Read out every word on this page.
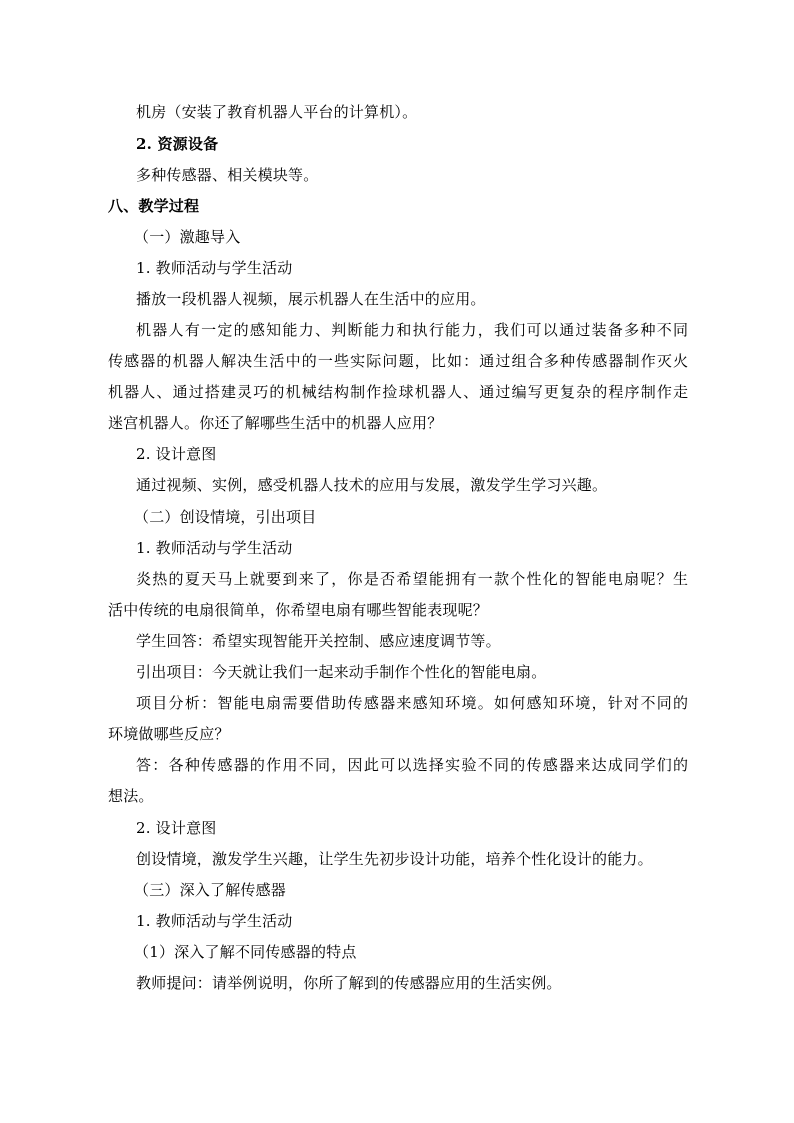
机房（安装了教育机器人平台的计算机）。
2. 资源设备
多种传感器、相关模块等。
八、教学过程
（一）激趣导入
1. 教师活动与学生活动
播放一段机器人视频，展示机器人在生活中的应用。
机器人有一定的感知能力、判断能力和执行能力，我们可以通过装备多种不同
传感器的机器人解决生活中的一些实际问题，比如：通过组合多种传感器制作灭火
机器人、通过搭建灵巧的机械结构制作捡球机器人、通过编写更复杂的程序制作走
迷宫机器人。你还了解哪些生活中的机器人应用？
2. 设计意图
通过视频、实例，感受机器人技术的应用与发展，激发学生学习兴趣。
（二）创设情境，引出项目
1. 教师活动与学生活动
炎热的夏天马上就要到来了，你是否希望能拥有一款个性化的智能电扇呢？生
活中传统的电扇很简单，你希望电扇有哪些智能表现呢？
学生回答：希望实现智能开关控制、感应速度调节等。
引出项目：今天就让我们一起来动手制作个性化的智能电扇。
项目分析：智能电扇需要借助传感器来感知环境。如何感知环境，针对不同的
环境做哪些反应？
答：各种传感器的作用不同，因此可以选择实验不同的传感器来达成同学们的
想法。
2. 设计意图
创设情境，激发学生兴趣，让学生先初步设计功能，培养个性化设计的能力。
（三）深入了解传感器
1. 教师活动与学生活动
（1）深入了解不同传感器的特点
教师提问：请举例说明，你所了解到的传感器应用的生活实例。
